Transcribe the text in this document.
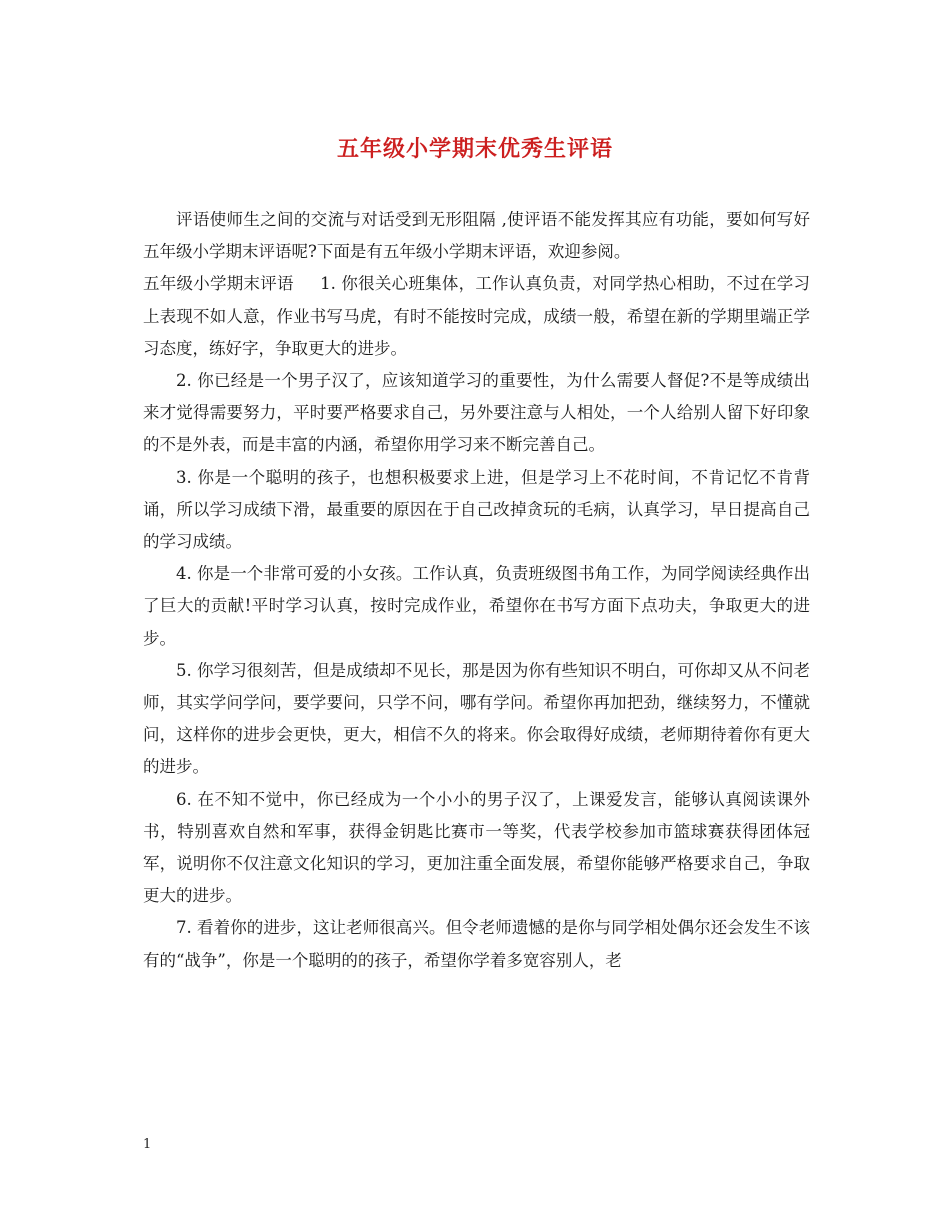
五年级小学期末优秀生评语

评语使师生之间的交流与对话受到无形阻隔 ,使评语不能发挥其应有功能，要如何写好五年级小学期末评语呢?下面是有五年级小学期末评语，欢迎参阅。

五年级小学期末评语 1. 你很关心班集体，工作认真负责，对同学热心相助，不过在学习上表现不如人意，作业书写马虎，有时不能按时完成，成绩一般，希望在新的学期里端正学习态度，练好字，争取更大的进步。

2. 你已经是一个男子汉了，应该知道学习的重要性，为什么需要人督促?不是等成绩出来才觉得需要努力，平时要严格要求自己，另外要注意与人相处，一个人给别人留下好印象的不是外表，而是丰富的内涵，希望你用学习来不断完善自己。

3. 你是一个聪明的孩子，也想积极要求上进，但是学习上不花时间，不肯记忆不肯背诵，所以学习成绩下滑，最重要的原因在于自己改掉贪玩的毛病，认真学习，早日提高自己的学习成绩。

4. 你是一个非常可爱的小女孩。工作认真，负责班级图书角工作，为同学阅读经典作出了巨大的贡献!平时学习认真，按时完成作业，希望你在书写方面下点功夫，争取更大的进步。

5. 你学习很刻苦，但是成绩却不见长，那是因为你有些知识不明白，可你却又从不问老师，其实学问学问，要学要问，只学不问，哪有学问。希望你再加把劲，继续努力，不懂就问，这样你的进步会更快，更大，相信不久的将来。你会取得好成绩，老师期待着你有更大的进步。

6. 在不知不觉中，你已经成为一个小小的男子汉了，上课爱发言，能够认真阅读课外书，特别喜欢自然和军事，获得金钥匙比赛市一等奖，代表学校参加市篮球赛获得团体冠军，说明你不仅注意文化知识的学习，更加注重全面发展，希望你能够严格要求自己，争取更大的进步。

7. 看着你的进步，这让老师很高兴。但令老师遗憾的是你与同学相处偶尔还会发生不该有的“战争”，你是一个聪明的的孩子，希望你学着多宽容别人，老

1
